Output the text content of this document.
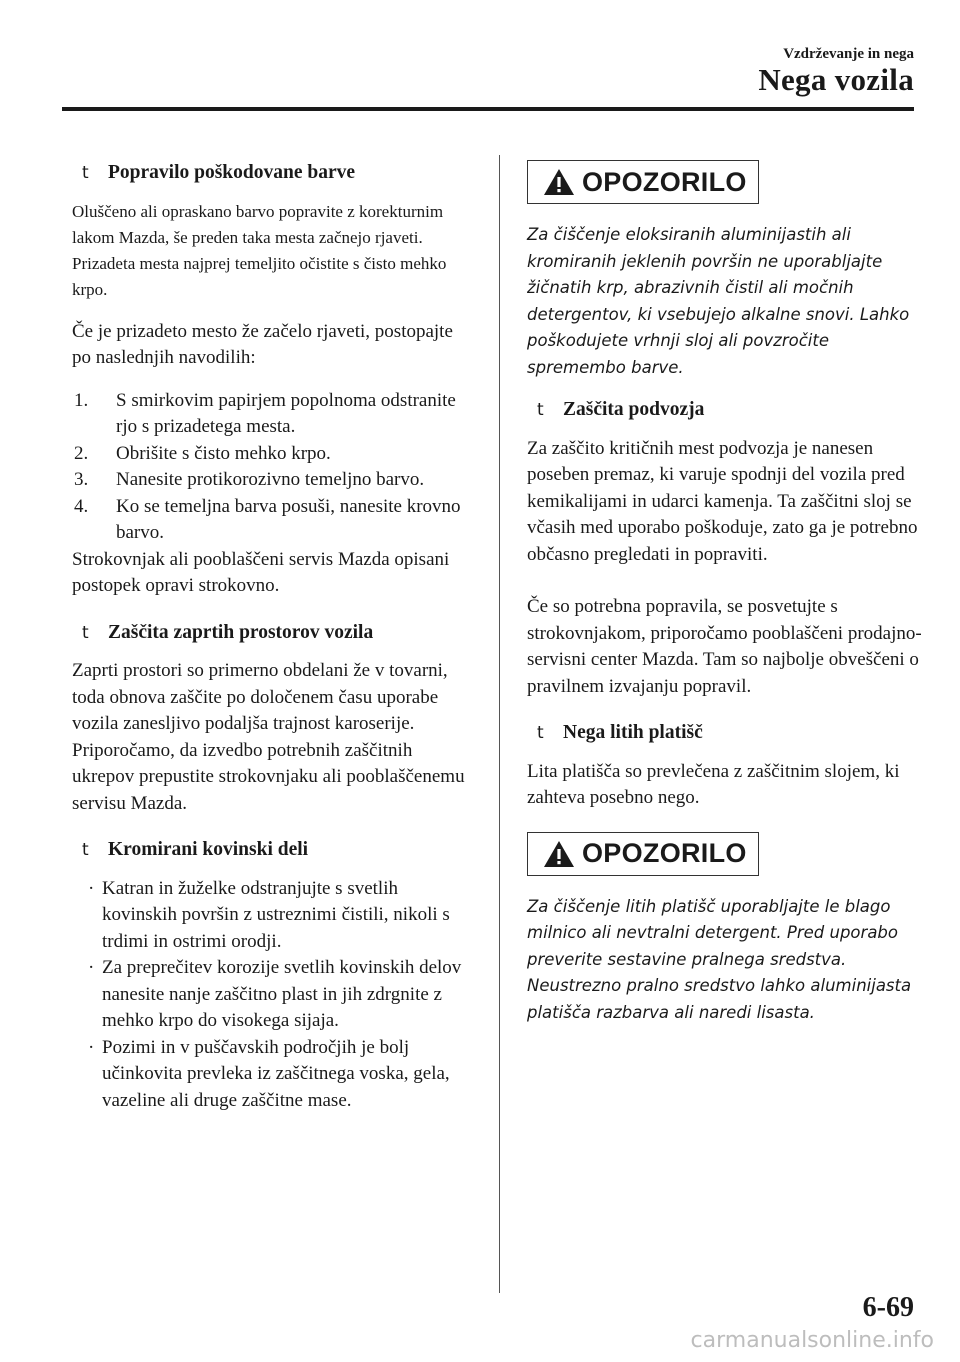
Vzdrževanje in nega
Nega vozila
t Popravilo poškodovane barve

Oluščeno ali opraskano barvo popravite z korekturnim lakom Mazda, še preden taka mesta začnejo rjaveti. Prizadeta mesta najprej temeljito očistite s čisto mehko krpo.

Če je prizadeto mesto že začelo rjaveti, postopajte po naslednjih navodilih:

1. S smirkovim papirjem popolnoma odstranite rjo s prizadetega mesta.
2. Obrišite s čisto mehko krpo.
3. Nanesite protikorozivno temeljno barvo.
4. Ko se temeljna barva posuši, nanesite krovno barvo.

Strokovnjak ali pooblaščeni servis Mazda opisani postopek opravi strokovno.

t Zaščita zaprtih prostorov vozila

Zaprti prostori so primerno obdelani že v tovarni, toda obnova zaščite po določenem času uporabe vozila zanesljivo podaljša trajnost karoserije.

Priporočamo, da izvedbo potrebnih zaščitnih ukrepov prepustite strokovnjaku ali pooblaščenemu servisu Mazda.

t Kromirani kovinski deli
· Katran in žuželke odstranjujte s svetlih kovinskih površin z ustreznimi čistili, nikoli s trdimi in ostrimi orodji.
· Za preprečitev korozije svetlih kovinskih delov nanesite nanje zaščitno plast in jih zdrgnite z mehko krpo do visokega sijaja.
· Pozimi in v puščavskih področjih je bolj učinkovita prevleka iz zaščitnega voska, gela, vazeline ali druge zaščitne mase.
OPOZORILO
Za čiščenje eloksiranih aluminijastih ali kromiranih jeklenih površin ne uporabljajte žičnatih krp, abrazivnih čistil ali močnih detergentov, ki vsebujejo alkalne snovi. Lahko poškodujete vrhnji sloj ali povzročite spremembo barve.
t Zaščita podvozja

Za zaščito kritičnih mest podvozja je nanesen poseben premaz, ki varuje spodnji del vozila pred kemikalijami in udarci kamenja. Ta zaščitni sloj se včasih med uporabo poškoduje, zato ga je potrebno občasno pregledati in popraviti.

Če so potrebna popravila, se posvetujte s strokovnjakom, priporočamo pooblaščeni prodajno-servisni center Mazda. Tam so najbolje obveščeni o pravilnem izvajanju popravil.

t Nega litih platišč

Lita platišča so prevlečena z zaščitnim slojem, ki zahteva posebno nego.

OPOZORILO
Za čiščenje litih platišč uporabljajte le blago milnico ali nevtralni detergent. Pred uporabo preverite sestavine pralnega sredstva. Neustrezno pralno sredstvo lahko aluminijasta platišča razbarva ali naredi lisasta.
6-69
carmanualsonline.info
